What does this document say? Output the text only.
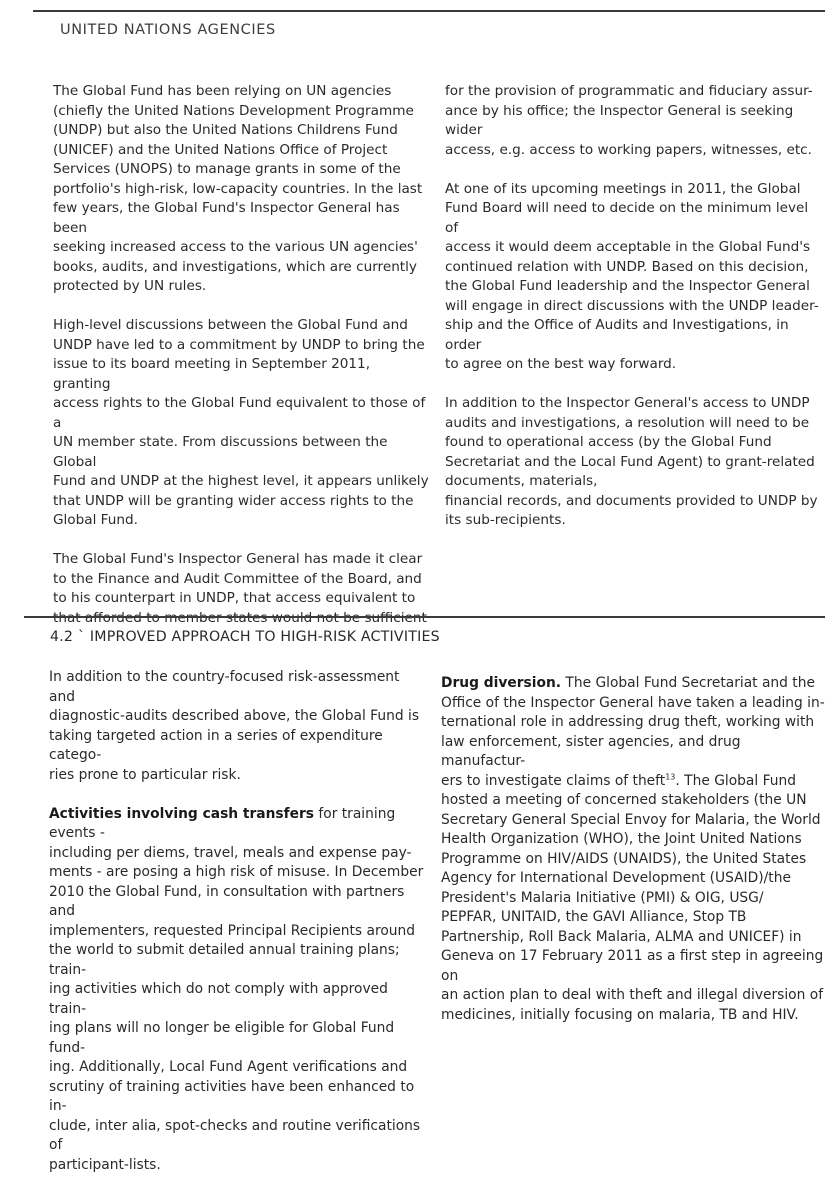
UNITED NATIONS AGENCIES

The Global Fund has been relying on UN agencies
(chiefly the United Nations Development Programme
(UNDP) but also the United Nations Childrens Fund
(UNICEF) and the United Nations Office of Project
Services (UNOPS) to manage grants in some of the
portfolio's high-risk, low-capacity countries. In the last
few years, the Global Fund's Inspector General has been
seeking increased access to the various UN agencies'
books, audits, and investigations, which are currently
protected by UN rules.

High-level discussions between the Global Fund and
UNDP have led to a commitment by UNDP to bring the
issue to its board meeting in September 2011, granting
access rights to the Global Fund equivalent to those of a
UN member state. From discussions between the Global
Fund and UNDP at the highest level, it appears unlikely
that UNDP will be granting wider access rights to the
Global Fund.

The Global Fund's Inspector General has made it clear
to the Finance and Audit Committee of the Board, and
to his counterpart in UNDP, that access equivalent to

for the provision of programmatic and fiduciary assur-
ance by his office; the Inspector General is seeking wider
access, e.g. access to working papers, witnesses, etc.

At one of its upcoming meetings in 2011, the Global
Fund Board will need to decide on the minimum level of
access it would deem acceptable in the Global Fund's
continued relation with UNDP. Based on this decision,
the Global Fund leadership and the Inspector General
will engage in direct discussions with the UNDP leader-
ship and the Office of Audits and Investigations, in order
to agree on the best way forward.

In addition to the Inspector General's access to UNDP
audits and investigations, a resolution will need to be
found to operational access (by the Global Fund
Secretariat and the Local Fund Agent) to grant-related
documents, materials,
financial records, and documents provided to UNDP by
its sub-recipients.

4.2 ` IMPROVED APPROACH TO HIGH-RISK ACTIVITIES

In addition to the country-focused risk-assessment and
diagnostic-audits described above, the Global Fund is
taking targeted action in a series of expenditure catego-
ries prone to particular risk.

Activities involving cash transfers for training events -
including per diems, travel, meals and expense pay-
ments - are posing a high risk of misuse. In December
2010 the Global Fund, in consultation with partners and
implementers, requested Principal Recipients around
the world to submit detailed annual training plans; train-
ing activities which do not comply with approved train-
ing plans will no longer be eligible for Global Fund fund-
ing. Additionally, Local Fund Agent verifications and
scrutiny of training activities have been enhanced to in-
clude, inter alia, spot-checks and routine verifications of
participant-lists.

Drug diversion. The Global Fund Secretariat and the
Office of the Inspector General have taken a leading in-
ternational role in addressing drug theft, working with
law enforcement, sister agencies, and drug manufactur-
ers to investigate claims of theft$^{13}$. The Global Fund
hosted a meeting of concerned stakeholders (the UN
Secretary General Special Envoy for Malaria, the World
Health Organization (WHO), the Joint United Nations
Programme on HIV/AIDS (UNAIDS), the United States
Agency for International Development (USAID)/the
President's Malaria Initiative (PMI) & OIG, USG/
PEPFAR, UNITAID, the GAVI Alliance, Stop TB
Partnership, Roll Back Malaria, ALMA and UNICEF) in
Geneva on 17 February 2011 as a first step in agreeing on
an action plan to deal with theft and illegal diversion of
medicines, initially focusing on malaria, TB and HIV.
